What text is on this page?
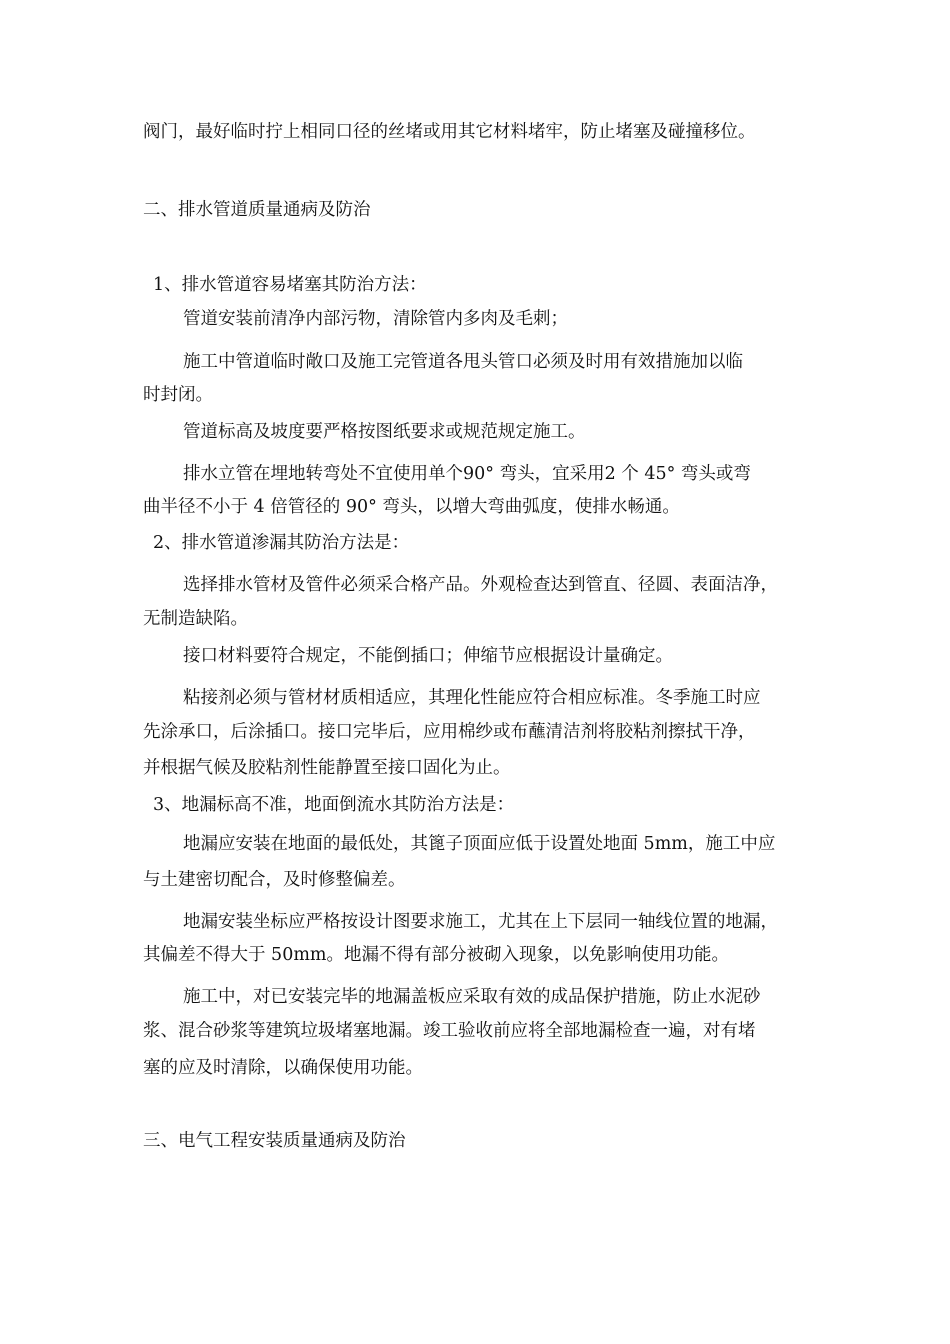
阀门，最好临时拧上相同口径的丝堵或用其它材料堵牢，防止堵塞及碰撞移位。
二、排水管道质量通病及防治
1、排水管道容易堵塞其防治方法：
管道安装前清净内部污物，清除管内多肉及毛刺；
施工中管道临时敞口及施工完管道各甩头管口必须及时用有效措施加以临
时封闭。
管道标高及坡度要严格按图纸要求或规范规定施工。
排水立管在埋地转弯处不宜使用单个90° 弯头，宜采用2 个 45° 弯头或弯
曲半径不小于 4 倍管径的 90° 弯头，以增大弯曲弧度，使排水畅通。
2、排水管道渗漏其防治方法是：
选择排水管材及管件必须采合格产品。外观检查达到管直、径圆、表面洁净，
无制造缺陷。
接口材料要符合规定，不能倒插口；伸缩节应根据设计量确定。
粘接剂必须与管材材质相适应，其理化性能应符合相应标准。冬季施工时应
先涂承口，后涂插口。接口完毕后，应用棉纱或布蘸清洁剂将胶粘剂擦拭干净，
并根据气候及胶粘剂性能静置至接口固化为止。
3、地漏标高不准，地面倒流水其防治方法是：
地漏应安装在地面的最低处，其篦子顶面应低于设置处地面 5mm，施工中应
与土建密切配合，及时修整偏差。
地漏安装坐标应严格按设计图要求施工，尤其在上下层同一轴线位置的地漏，
其偏差不得大于 50mm。地漏不得有部分被砌入现象，以免影响使用功能。
施工中，对已安装完毕的地漏盖板应采取有效的成品保护措施，防止水泥砂
浆、混合砂浆等建筑垃圾堵塞地漏。竣工验收前应将全部地漏检查一遍，对有堵
塞的应及时清除，以确保使用功能。
三、电气工程安装质量通病及防治
